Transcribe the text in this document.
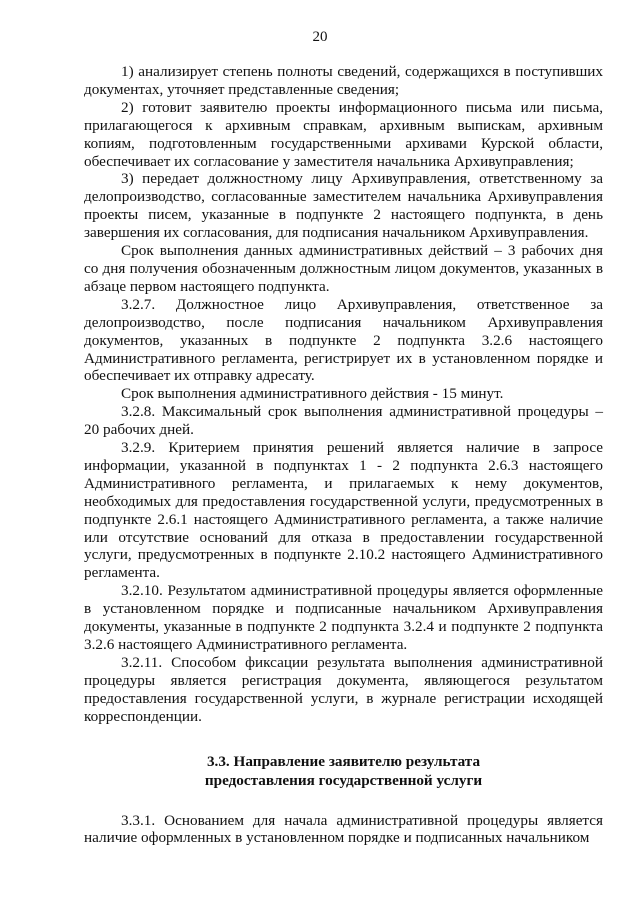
20

1) анализирует степень полноты сведений, содержащихся в поступивших документах, уточняет представленные сведения;

2) готовит заявителю проекты информационного письма или письма, прилагающегося к архивным справкам, архивным выпискам, архивным копиям, подготовленным государственными архивами Курской области, обеспечивает их согласование у заместителя начальника Архивуправления;

3) передает должностному лицу Архивуправления, ответственному за делопроизводство, согласованные заместителем начальника Архивуправления проекты писем, указанные в подпункте 2 настоящего подпункта, в день завершения их согласования, для подписания начальником Архивуправления.

Срок выполнения данных административных действий – 3 рабочих дня со дня получения обозначенным должностным лицом документов, указанных в абзаце первом настоящего подпункта.

3.2.7. Должностное лицо Архивуправления, ответственное за делопроизводство, после подписания начальником Архивуправления документов, указанных в подпункте 2 подпункта 3.2.6 настоящего Административного регламента, регистрирует их в установленном порядке и обеспечивает их отправку адресату.

Срок выполнения административного действия - 15 минут.

3.2.8. Максимальный срок выполнения административной процедуры – 20 рабочих дней.

3.2.9. Критерием принятия решений является наличие в запросе информации, указанной в подпунктах 1 - 2 подпункта 2.6.3 настоящего Административного регламента, и прилагаемых к нему документов, необходимых для предоставления государственной услуги, предусмотренных в подпункте 2.6.1 настоящего Административного регламента, а также наличие или отсутствие оснований для отказа в предоставлении государственной услуги, предусмотренных в подпункте 2.10.2 настоящего Административного регламента.

3.2.10. Результатом административной процедуры является оформленные в установленном порядке и подписанные начальником Архивуправления документы, указанные в подпункте 2 подпункта 3.2.4 и подпункте 2 подпункта 3.2.6 настоящего Административного регламента.

3.2.11. Способом фиксации результата выполнения административной процедуры является регистрация документа, являющегося результатом предоставления государственной услуги, в журнале регистрации исходящей корреспонденции.

3.3. Направление заявителю результата
предоставления государственной услуги

3.3.1. Основанием для начала административной процедуры является наличие оформленных в установленном порядке и подписанных начальником
